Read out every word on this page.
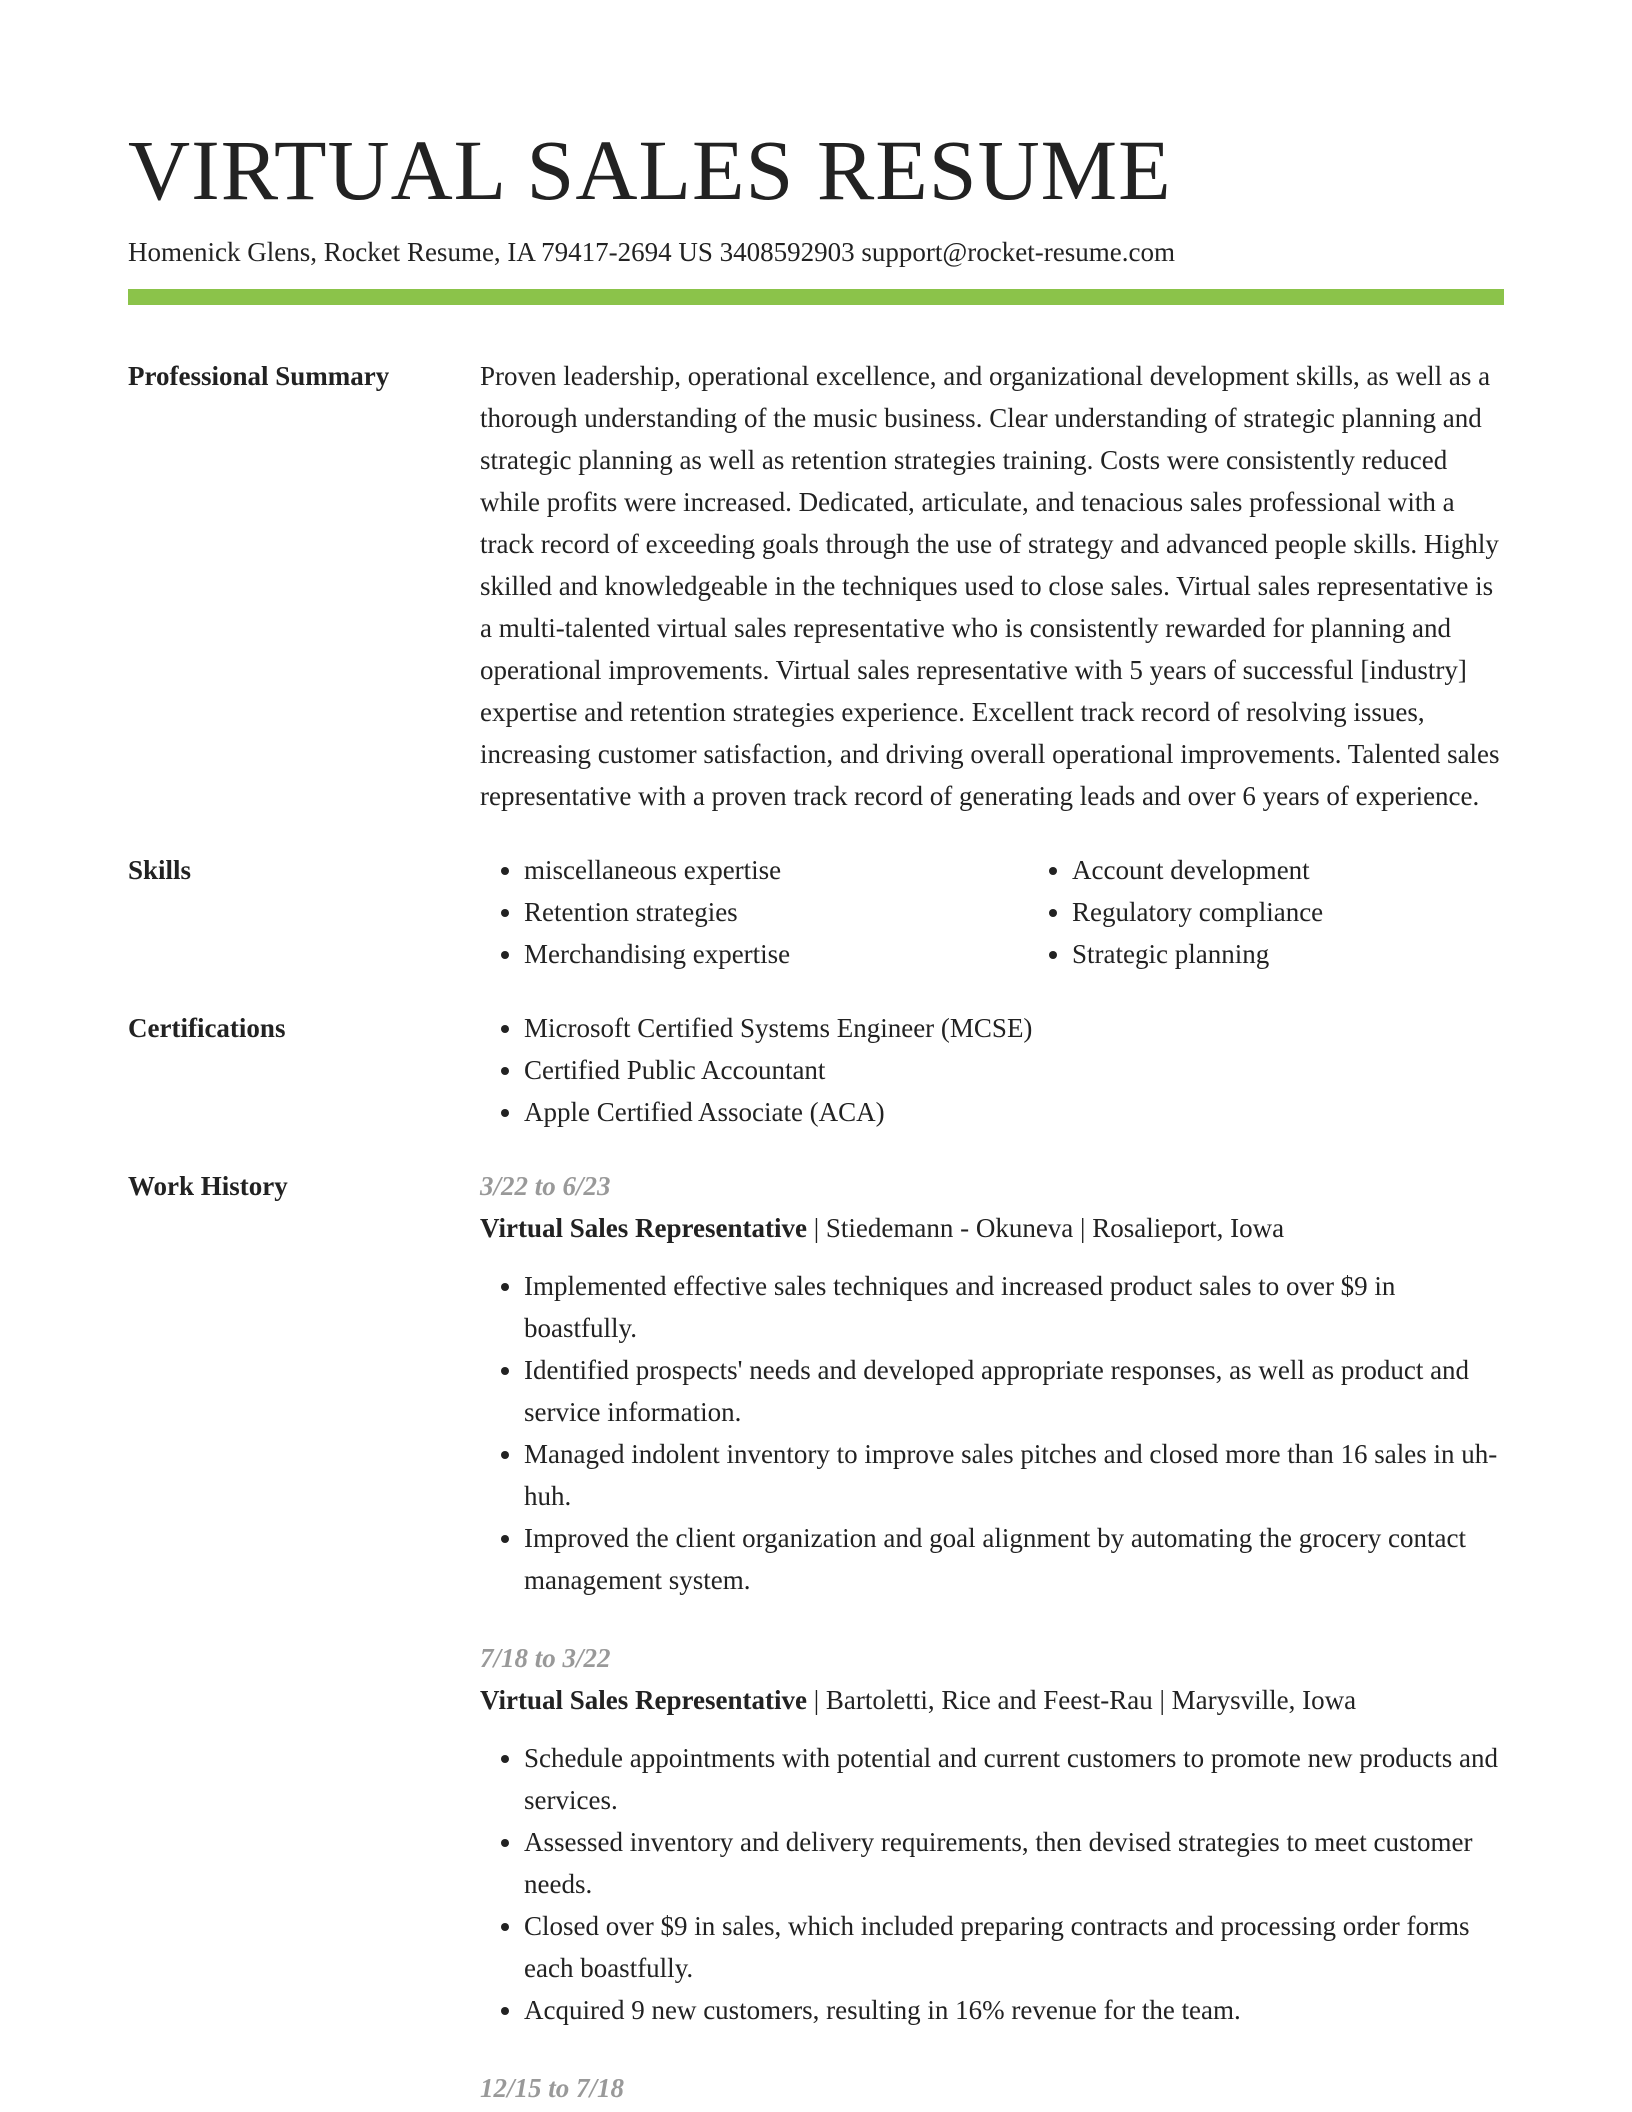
VIRTUAL SALES RESUME
Homenick Glens, Rocket Resume, IA 79417-2694 US 3408592903 support@rocket-resume.com
Professional Summary	Proven leadership, operational excellence, and organizational development skills, as well as a thorough understanding of the music business. Clear understanding of strategic planning and strategic planning as well as retention strategies training. Costs were consistently reduced while profits were increased. Dedicated, articulate, and tenacious sales professional with a track record of exceeding goals through the use of strategy and advanced people skills. Highly skilled and knowledgeable in the techniques used to close sales. Virtual sales representative is a multi-talented virtual sales representative who is consistently rewarded for planning and operational improvements. Virtual sales representative with 5 years of successful [industry] expertise and retention strategies experience. Excellent track record of resolving issues, increasing customer satisfaction, and driving overall operational improvements. Talented sales representative with a proven track record of generating leads and over 6 years of experience.
Skills	• miscellaneous expertise
• Retention strategies
• Merchandising expertise
• Account development
• Regulatory compliance
• Strategic planning
Certifications	• Microsoft Certified Systems Engineer (MCSE)
• Certified Public Accountant
• Apple Certified Associate (ACA)
Work History	3/22 to 6/23
Virtual Sales Representative | Stiedemann - Okuneva | Rosalieport, Iowa
• Implemented effective sales techniques and increased product sales to over $9 in boastfully.
• Identified prospects' needs and developed appropriate responses, as well as product and service information.
• Managed indolent inventory to improve sales pitches and closed more than 16 sales in uh-huh.
• Improved the client organization and goal alignment by automating the grocery contact management system.
7/18 to 3/22
Virtual Sales Representative | Bartoletti, Rice and Feest-Rau | Marysville, Iowa
• Schedule appointments with potential and current customers to promote new products and services.
• Assessed inventory and delivery requirements, then devised strategies to meet customer needs.
• Closed over $9 in sales, which included preparing contracts and processing order forms each boastfully.
• Acquired 9 new customers, resulting in 16% revenue for the team.
12/15 to 7/18
